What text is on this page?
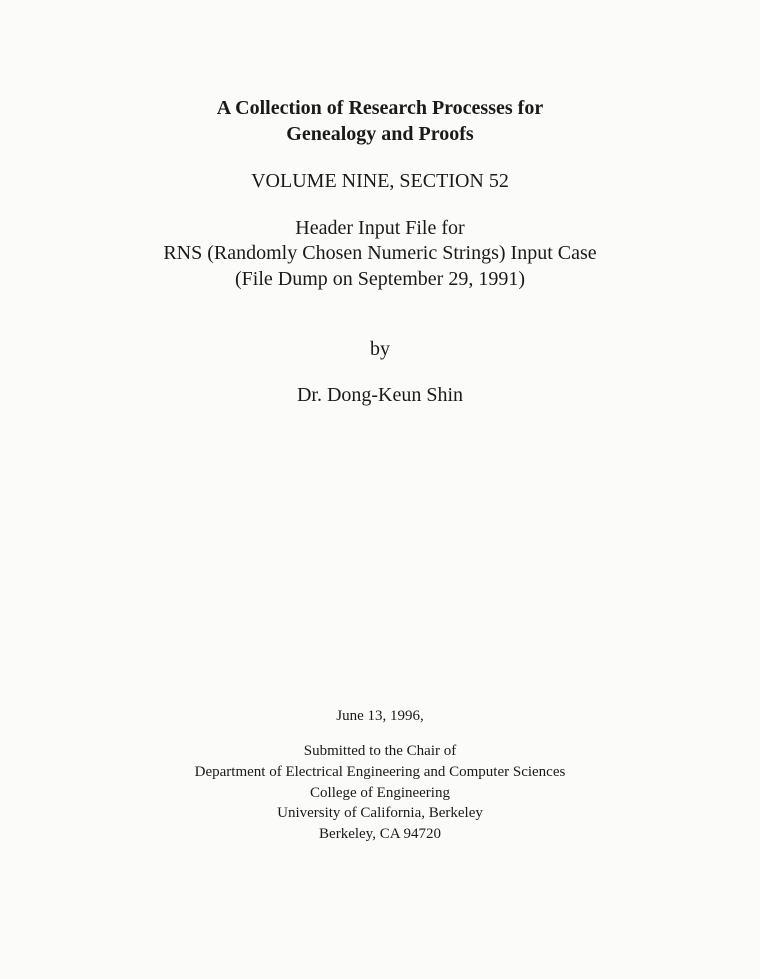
A Collection of Research Processes for

Genealogy and Proofs

VOLUME NINE, SECTION 52

Header Input File for

RNS (Randomly Chosen Numeric Strings) Input Case

(File Dump on September 29, 1991)

by

Dr. Dong-Keun Shin

June 13, 1996,

Submitted to the Chair of

Department of Electrical Engineering and Computer Sciences

College of Engineering

University of California, Berkeley

Berkeley, CA 94720
